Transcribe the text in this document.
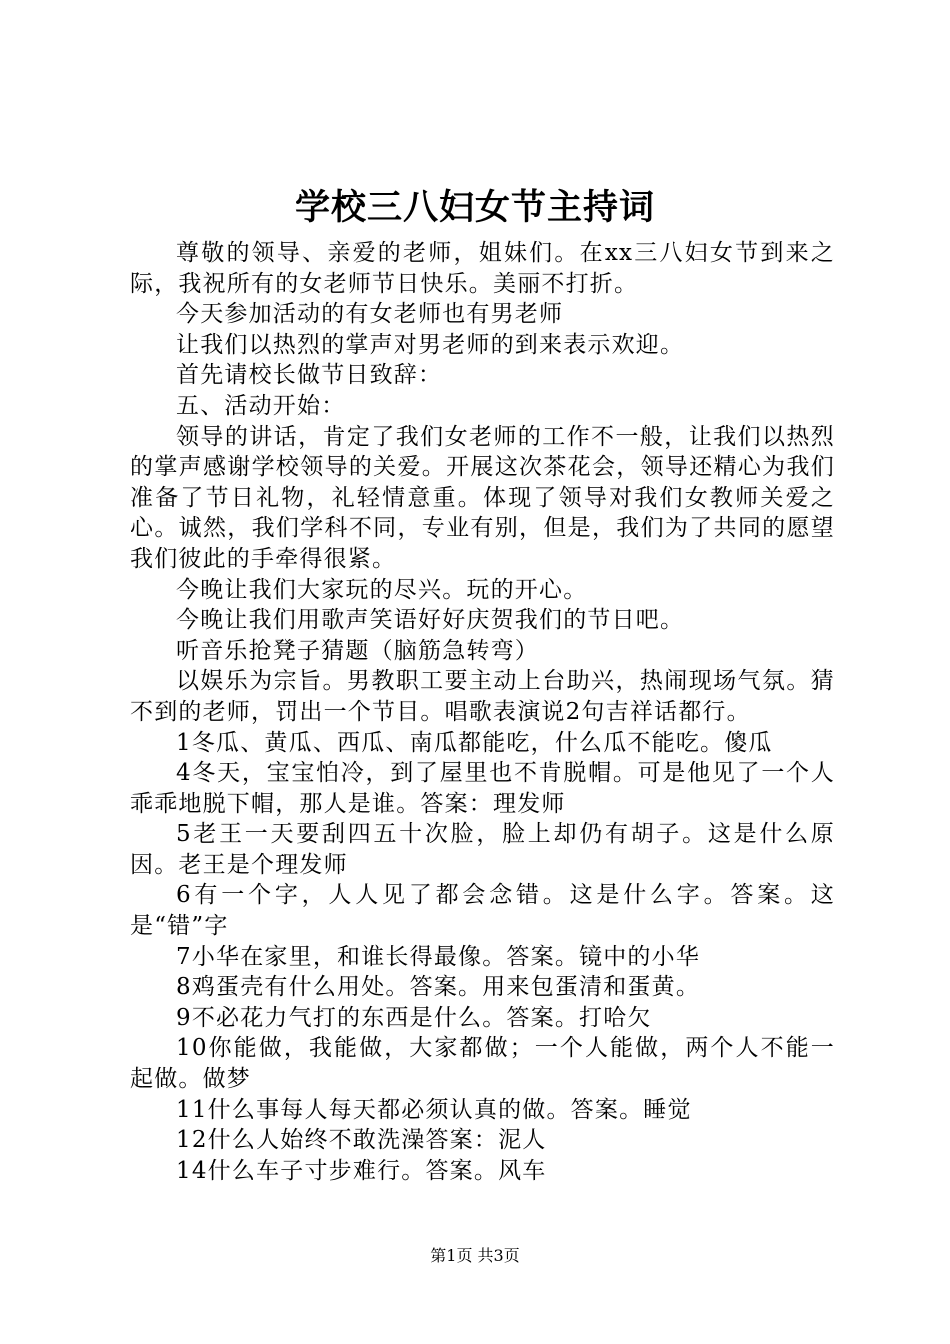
学校三八妇女节主持词

尊敬的领导、亲爱的老师，姐妹们。在xx三八妇女节到来之际，我祝所有的女老师节日快乐。美丽不打折。

今天参加活动的有女老师也有男老师

让我们以热烈的掌声对男老师的到来表示欢迎。

首先请校长做节日致辞：

五、活动开始：

领导的讲话，肯定了我们女老师的工作不一般，让我们以热烈的掌声感谢学校领导的关爱。开展这次茶花会，领导还精心为我们准备了节日礼物，礼轻情意重。体现了领导对我们女教师关爱之心。诚然，我们学科不同，专业有别，但是，我们为了共同的愿望我们彼此的手牵得很紧。

今晚让我们大家玩的尽兴。玩的开心。

今晚让我们用歌声笑语好好庆贺我们的节日吧。

听音乐抢凳子猜题（脑筋急转弯）

以娱乐为宗旨。男教职工要主动上台助兴，热闹现场气氛。猜不到的老师，罚出一个节目。唱歌表演说2句吉祥话都行。

1冬瓜、黄瓜、西瓜、南瓜都能吃，什么瓜不能吃。傻瓜

4冬天，宝宝怕冷，到了屋里也不肯脱帽。可是他见了一个人乖乖地脱下帽，那人是谁。答案：理发师

5老王一天要刮四五十次脸，脸上却仍有胡子。这是什么原因。老王是个理发师

6有一个字，人人见了都会念错。这是什么字。答案。这是“错”字

7小华在家里，和谁长得最像。答案。镜中的小华

8鸡蛋壳有什么用处。答案。用来包蛋清和蛋黄。

9不必花力气打的东西是什么。答案。打哈欠

10你能做，我能做，大家都做；一个人能做，两个人不能一起做。做梦

11什么事每人每天都必须认真的做。答案。睡觉

12什么人始终不敢洗澡答案：泥人

14什么车子寸步难行。答案。风车

第1页 共3页
